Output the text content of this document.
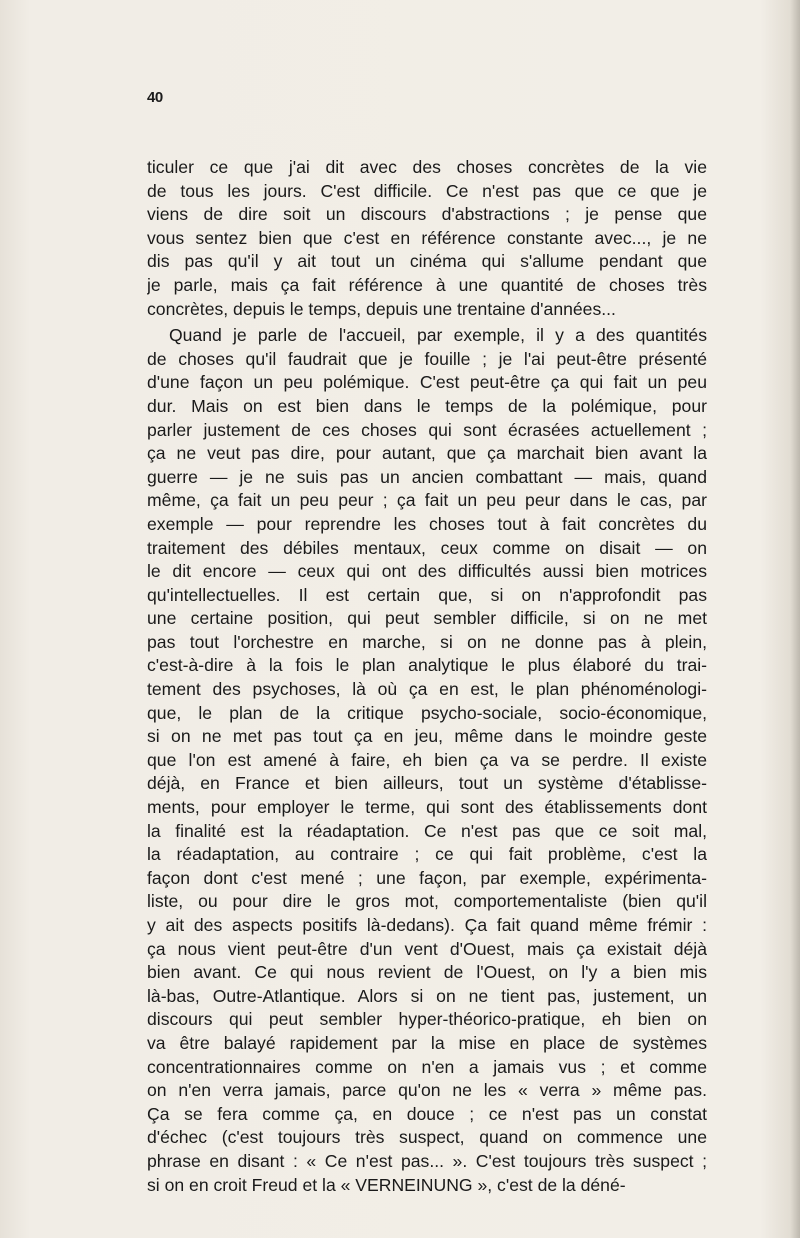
40
ticuler ce que j'ai dit avec des choses concrètes de la vie
de tous les jours. C'est difficile. Ce n'est pas que ce que je
viens de dire soit un discours d'abstractions ; je pense que
vous sentez bien que c'est en référence constante avec..., je ne
dis pas qu'il y ait tout un cinéma qui s'allume pendant que
je parle, mais ça fait référence à une quantité de choses très
concrètes, depuis le temps, depuis une trentaine d'années...
Quand je parle de l'accueil, par exemple, il y a des quantités
de choses qu'il faudrait que je fouille ; je l'ai peut-être présenté
d'une façon un peu polémique. C'est peut-être ça qui fait un peu
dur. Mais on est bien dans le temps de la polémique, pour
parler justement de ces choses qui sont écrasées actuellement ;
ça ne veut pas dire, pour autant, que ça marchait bien avant la
guerre — je ne suis pas un ancien combattant — mais, quand
même, ça fait un peu peur ; ça fait un peu peur dans le cas, par
exemple — pour reprendre les choses tout à fait concrètes du
traitement des débiles mentaux, ceux comme on disait — on
le dit encore — ceux qui ont des difficultés aussi bien motrices
qu'intellectuelles. Il est certain que, si on n'approfondit pas
une certaine position, qui peut sembler difficile, si on ne met
pas tout l'orchestre en marche, si on ne donne pas à plein,
c'est-à-dire à la fois le plan analytique le plus élaboré du trai-
tement des psychoses, là où ça en est, le plan phénoménologi-
que, le plan de la critique psycho-sociale, socio-économique,
si on ne met pas tout ça en jeu, même dans le moindre geste
que l'on est amené à faire, eh bien ça va se perdre. Il existe
déjà, en France et bien ailleurs, tout un système d'établisse-
ments, pour employer le terme, qui sont des établissements dont
la finalité est la réadaptation. Ce n'est pas que ce soit mal,
la réadaptation, au contraire ; ce qui fait problème, c'est la
façon dont c'est mené ; une façon, par exemple, expérimenta-
liste, ou pour dire le gros mot, comportementaliste (bien qu'il
y ait des aspects positifs là-dedans). Ça fait quand même frémir :
ça nous vient peut-être d'un vent d'Ouest, mais ça existait déjà
bien avant. Ce qui nous revient de l'Ouest, on l'y a bien mis
là-bas, Outre-Atlantique. Alors si on ne tient pas, justement, un
discours qui peut sembler hyper-théorico-pratique, eh bien on
va être balayé rapidement par la mise en place de systèmes
concentrationnaires comme on n'en a jamais vus ; et comme
on n'en verra jamais, parce qu'on ne les « verra » même pas.
Ça se fera comme ça, en douce ; ce n'est pas un constat
d'échec (c'est toujours très suspect, quand on commence une
phrase en disant : « Ce n'est pas... ». C'est toujours très suspect ;
si on en croit Freud et la « VERNEINUNG », c'est de la déné-
